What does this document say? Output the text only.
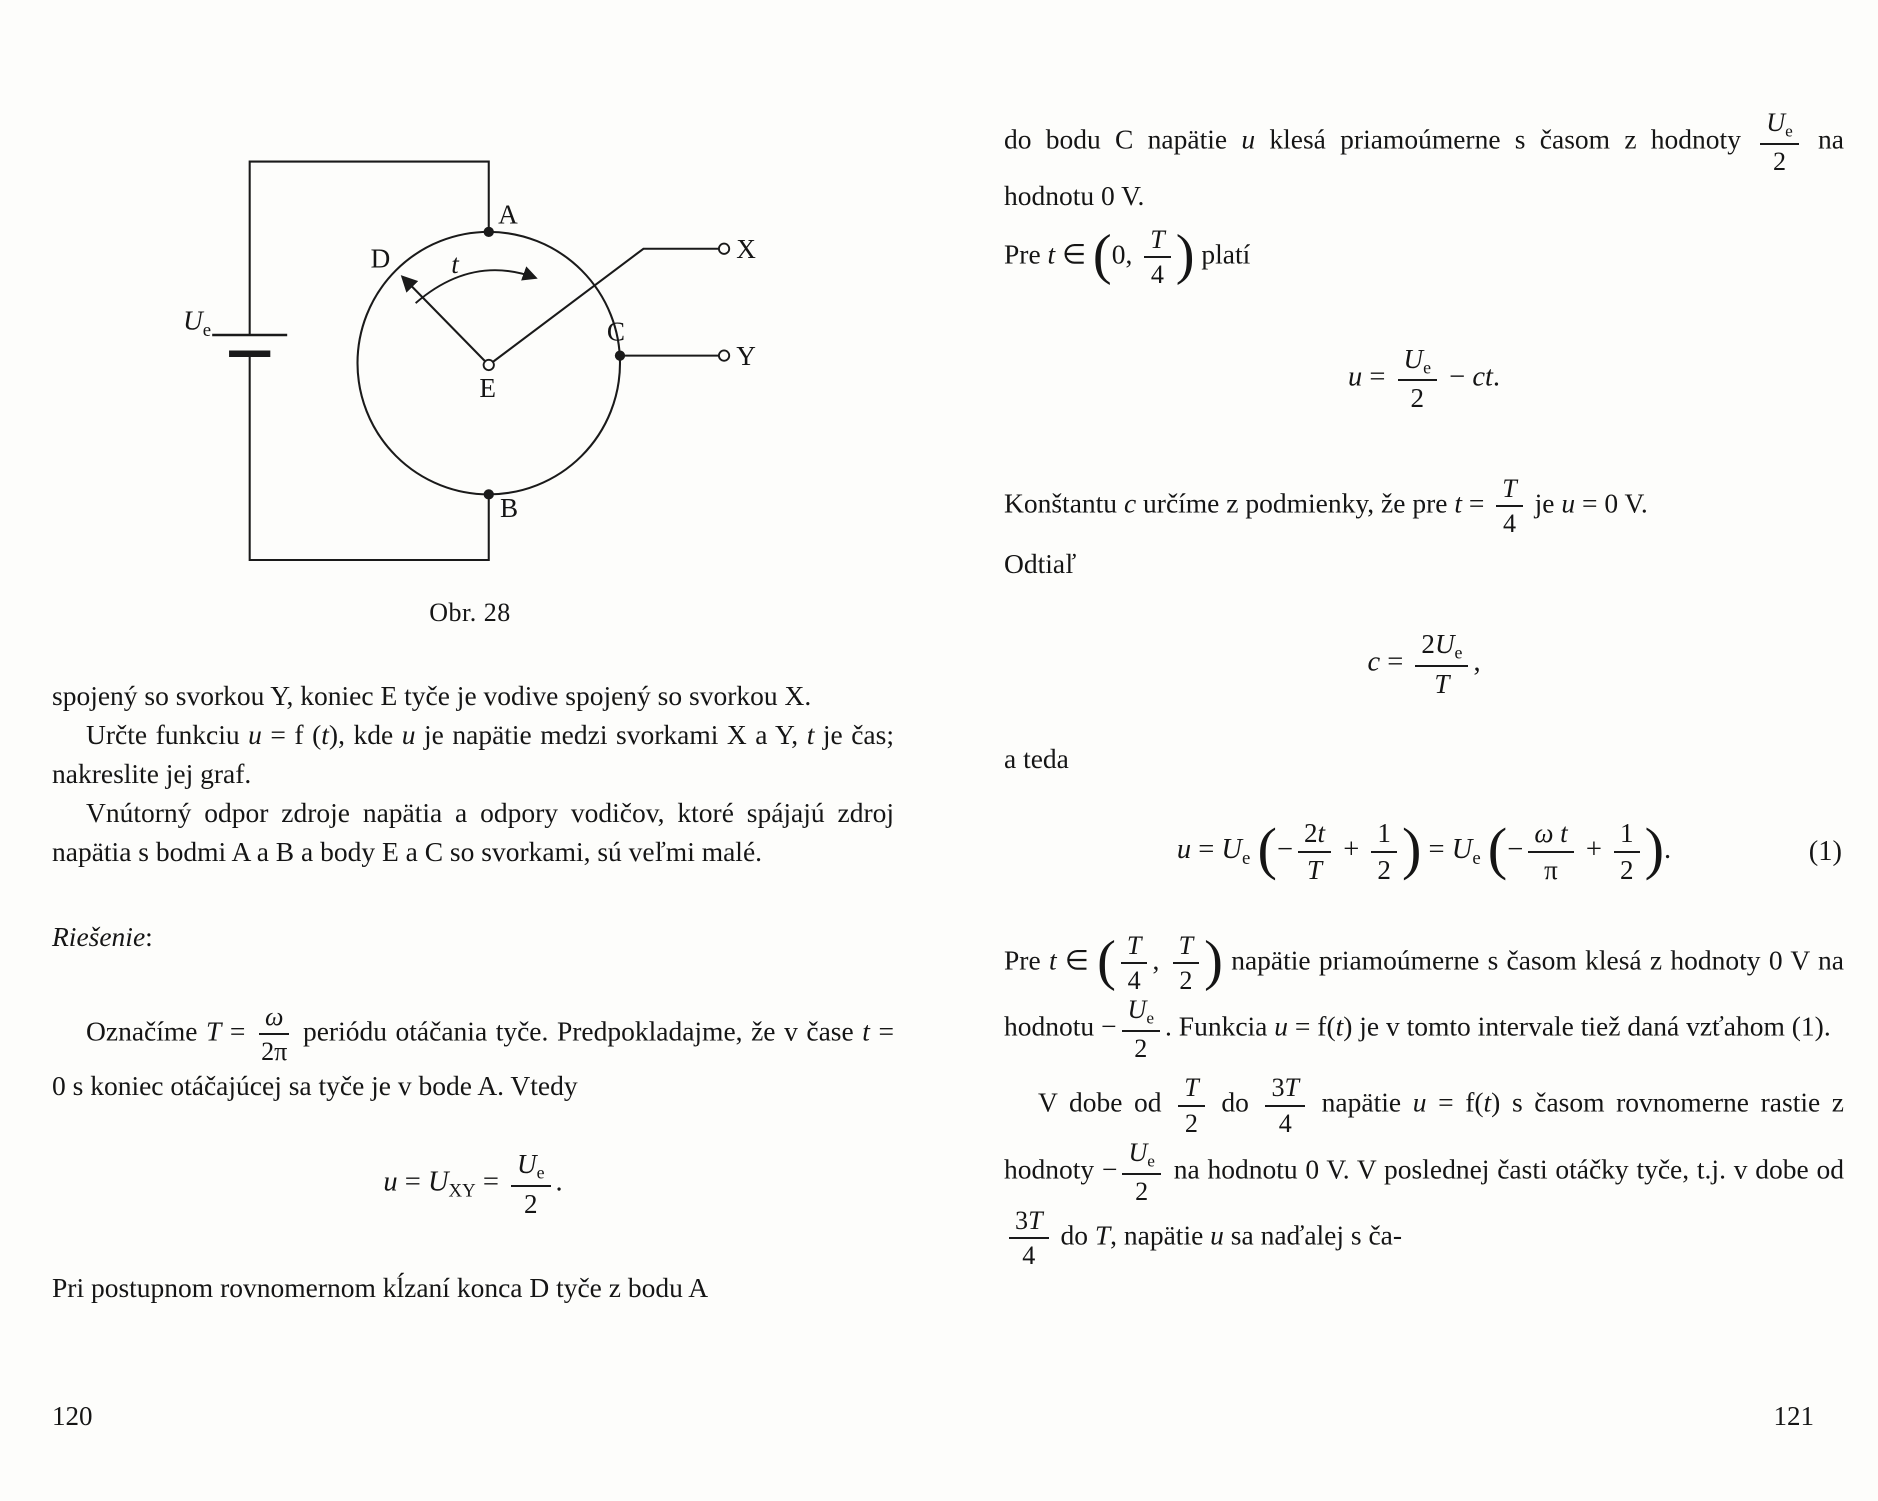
A
B
C
D
E
X
Y
t
$U_e$
Obr. 28

spojený so svorkou Y, koniec E tyče je vodive spojený so svorkou X.

Určte funkciu u = f (t), kde u je napätie medzi svorkami X a Y, t je čas; nakreslite jej graf.

Vnútorný odpor zdroje napätia a odpory vodičov, ktoré spájajú zdroj napätia s bodmi A a B a body E a C so svorkami, sú veľmi malé.

Riešenie:

Označíme $T = \frac{\omega}{2\pi}$ periódu otáčania tyče. Predpokladajme, že v čase t = 0 s koniec otáčajúcej sa tyče je v bode A. Vtedy

$u = U_{XY} = \frac{U_e}{2}$ .

Pri postupnom rovnomernom kĺzaní konca D tyče z bodu A

do bodu C napätie u klesá priamoúmerne s časom z hodnoty $\frac{U_e}{2}$ na hodnotu 0 V.

Pre t ∈ (0, $\frac{T}{4}$ ) platí

$u = \frac{U_e}{2}$ − ct.

Konštantu c určíme z podmienky, že pre $t = \frac{T}{4}$ je u = 0 V.

Odtiaľ

$c = \frac{2U_e}{T}$ ,

a teda

$u = U_e$ (− $\frac{2t}{T} + \frac{1}{2}$ ) = $U_e$ (− $\frac{\text{ω t}}{\pi} + \frac{1}{2}$ ).	(1)

Pre t ∈ ( $\frac{T}{4}$ , $\frac{T}{2}$ ) napätie priamoúmerne s časom klesá z hodnoty 0 V na hodnotu − $\frac{U_e}{2}$ . Funkcia u = f(t) je v tomto intervale tiež daná vzťahom (1).

V dobe od $\frac{T}{2}$ do $\frac{3T}{4}$ napätie u = f(t) s časom rovnomerne rastie z hodnoty − $\frac{U_e}{2}$ na hodnotu 0 V. V poslednej časti otáčky tyče, t.j. v dobe od
$\frac{3T}{4}$ do T, napätie u sa naďalej s ča-

120	121
